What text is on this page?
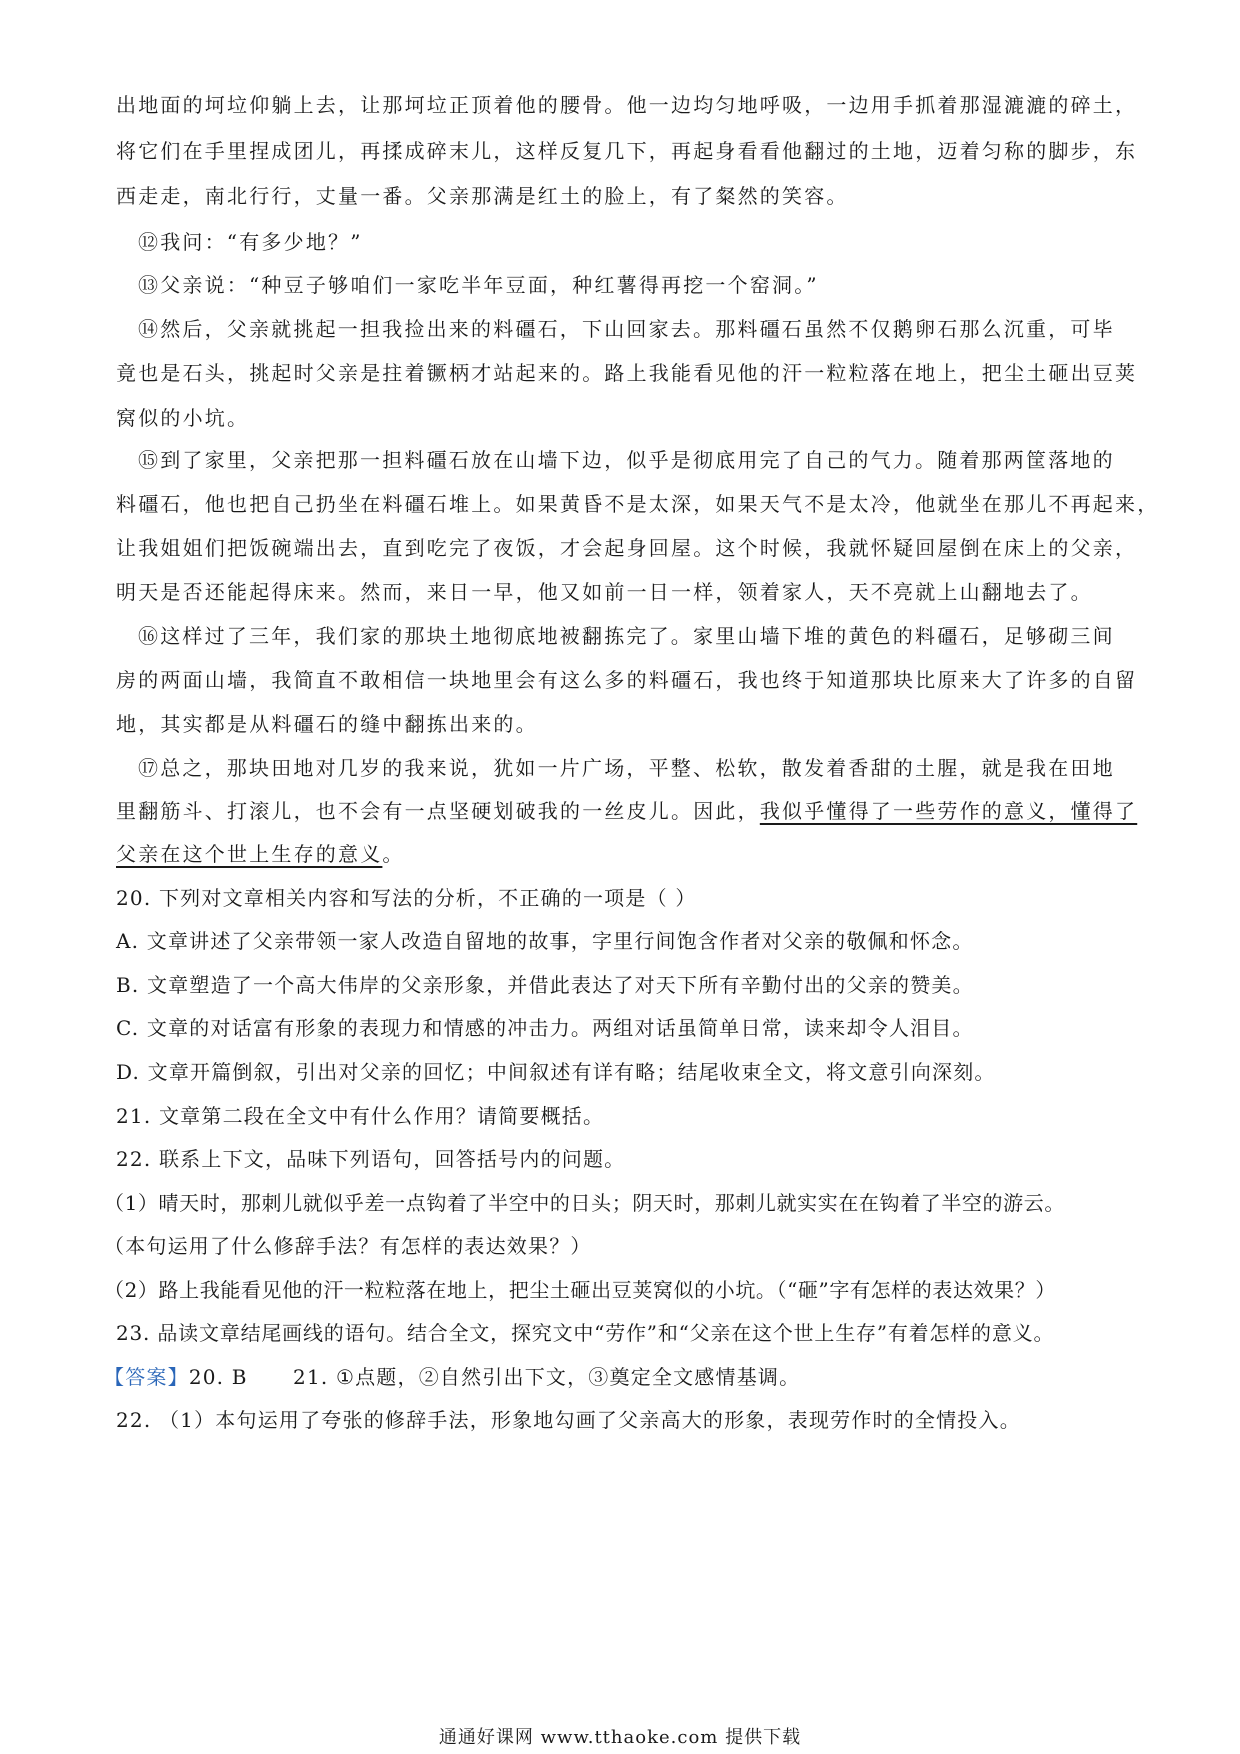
出地面的坷垃仰躺上去，让那坷垃正顶着他的腰骨。他一边均匀地呼吸，一边用手抓着那湿漉漉的碎土，
将它们在手里捏成团儿，再揉成碎末儿，这样反复几下，再起身看看他翻过的土地，迈着匀称的脚步，东
西走走，南北行行，丈量一番。父亲那满是红土的脸上，有了粲然的笑容。
⑫我问：“有多少地？”
⑬父亲说：“种豆子够咱们一家吃半年豆面，种红薯得再挖一个窑洞。”
⑭然后，父亲就挑起一担我捡出来的料礓石，下山回家去。那料礓石虽然不仅鹅卵石那么沉重，可毕
竟也是石头，挑起时父亲是拄着镢柄才站起来的。路上我能看见他的汗一粒粒落在地上，把尘土砸出豆荚
窝似的小坑。
⑮到了家里，父亲把那一担料礓石放在山墙下边，似乎是彻底用完了自己的气力。随着那两筐落地的
料礓石，他也把自己扔坐在料礓石堆上。如果黄昏不是太深，如果天气不是太冷，他就坐在那儿不再起来，
让我姐姐们把饭碗端出去，直到吃完了夜饭，才会起身回屋。这个时候，我就怀疑回屋倒在床上的父亲，
明天是否还能起得床来。然而，来日一早，他又如前一日一样，领着家人，天不亮就上山翻地去了。
⑯这样过了三年，我们家的那块土地彻底地被翻拣完了。家里山墙下堆的黄色的料礓石，足够砌三间
房的两面山墙，我简直不敢相信一块地里会有这么多的料礓石，我也终于知道那块比原来大了许多的自留
地，其实都是从料礓石的缝中翻拣出来的。
⑰总之，那块田地对几岁的我来说，犹如一片广场，平整、松软，散发着香甜的土腥，就是我在田地
里翻筋斗、打滚儿，也不会有一点坚硬划破我的一丝皮儿。因此，我似乎懂得了一些劳作的意义，懂得了
父亲在这个世上生存的意义。
20. 下列对文章相关内容和写法的分析，不正确的一项是（ ）
A. 文章讲述了父亲带领一家人改造自留地的故事，字里行间饱含作者对父亲的敬佩和怀念。
B. 文章塑造了一个高大伟岸的父亲形象，并借此表达了对天下所有辛勤付出的父亲的赞美。
C. 文章的对话富有形象的表现力和情感的冲击力。两组对话虽简单日常，读来却令人泪目。
D. 文章开篇倒叙，引出对父亲的回忆；中间叙述有详有略；结尾收束全文，将文意引向深刻。
21. 文章第二段在全文中有什么作用？请简要概括。
22. 联系上下文，品味下列语句，回答括号内的问题。
（1）晴天时，那刺儿就似乎差一点钩着了半空中的日头；阴天时，那刺儿就实实在在钩着了半空的游云。
（本句运用了什么修辞手法？有怎样的表达效果？）
（2）路上我能看见他的汗一粒粒落在地上，把尘土砸出豆荚窝似的小坑。（“砸”字有怎样的表达效果？）
23. 品读文章结尾画线的语句。结合全文，探究文中“劳作”和“父亲在这个世上生存”有着怎样的意义。
【答案】20. B      21. ①点题，②自然引出下文，③奠定全文感情基调。
22. （1）本句运用了夸张的修辞手法，形象地勾画了父亲高大的形象，表现劳作时的全情投入。
通通好课网 www.tthaoke.com 提供下载
